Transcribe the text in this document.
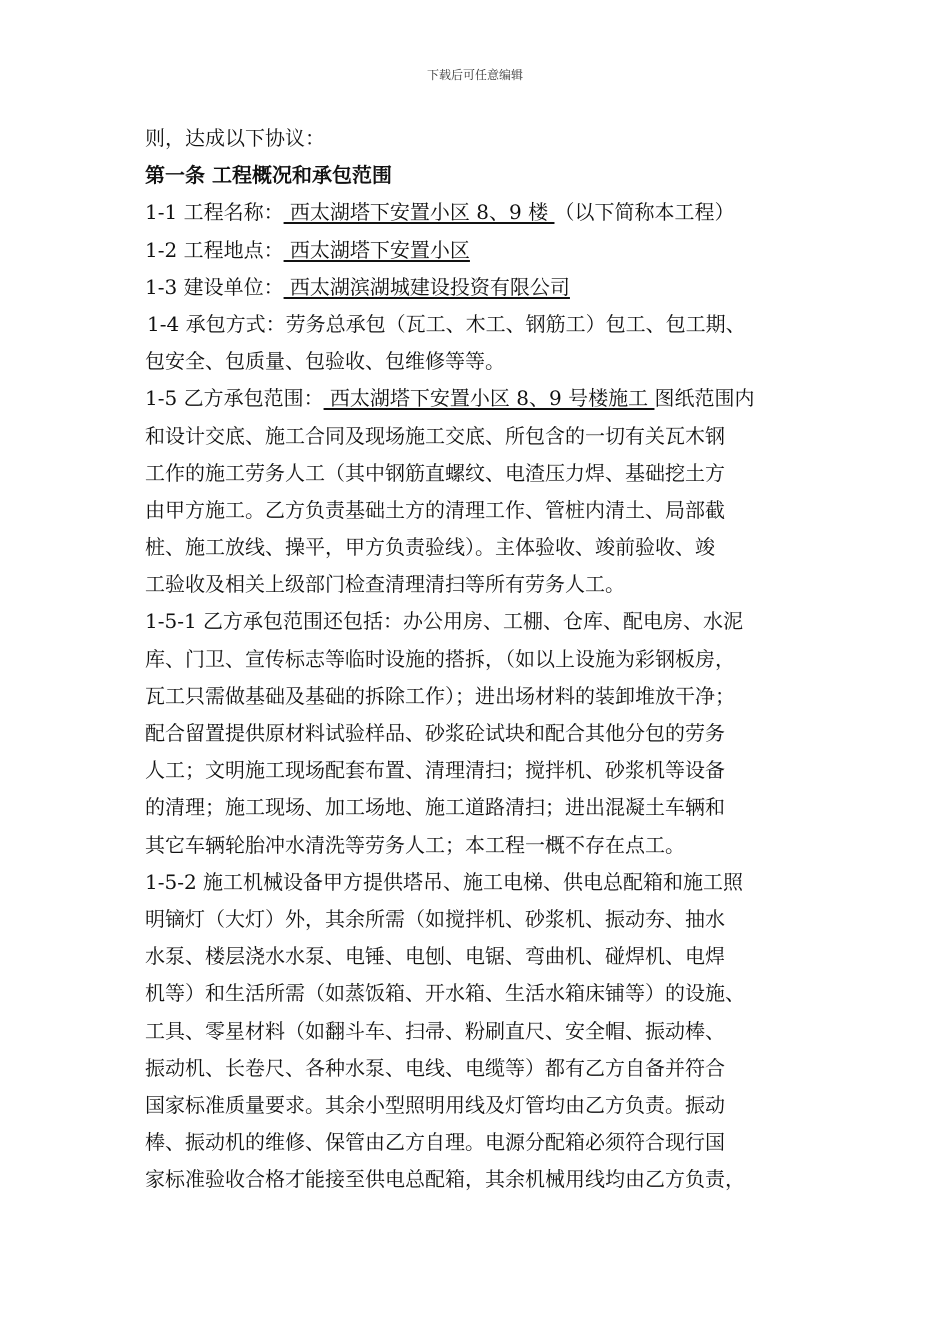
下载后可任意编辑
则，达成以下协议：
第一条 工程概况和承包范围
1-1 工程名称： 西太湖塔下安置小区 8、9 楼 （以下简称本工程）
1-2 工程地点： 西太湖塔下安置小区
1-3 建设单位： 西太湖滨湖城建设投资有限公司
1-4 承包方式：劳务总承包（瓦工、木工、钢筋工）包工、包工期、
包安全、包质量、包验收、包维修等等。
1-5 乙方承包范围： 西太湖塔下安置小区 8、9 号楼施工 图纸范围内
和设计交底、施工合同及现场施工交底、所包含的一切有关瓦木钢
工作的施工劳务人工（其中钢筋直螺纹、电渣压力焊、基础挖土方
由甲方施工。乙方负责基础土方的清理工作、管桩内清土、局部截
桩、施工放线、操平，甲方负责验线）。主体验收、竣前验收、竣
工验收及相关上级部门检查清理清扫等所有劳务人工。
1-5-1 乙方承包范围还包括：办公用房、工棚、仓库、配电房、水泥
库、门卫、宣传标志等临时设施的搭拆，（如以上设施为彩钢板房，
瓦工只需做基础及基础的拆除工作）；进出场材料的装卸堆放干净；
配合留置提供原材料试验样品、砂浆砼试块和配合其他分包的劳务
人工；文明施工现场配套布置、清理清扫；搅拌机、砂浆机等设备
的清理；施工现场、加工场地、施工道路清扫；进出混凝土车辆和
其它车辆轮胎冲水清洗等劳务人工；本工程一概不存在点工。
1-5-2 施工机械设备甲方提供塔吊、施工电梯、供电总配箱和施工照
明镝灯（大灯）外，其余所需（如搅拌机、砂浆机、振动夯、抽水
水泵、楼层浇水水泵、电锤、电刨、电锯、弯曲机、碰焊机、电焊
机等）和生活所需（如蒸饭箱、开水箱、生活水箱床铺等）的设施、
工具、零星材料（如翻斗车、扫帚、粉刷直尺、安全帽、振动棒、
振动机、长卷尺、各种水泵、电线、电缆等）都有乙方自备并符合
国家标准质量要求。其余小型照明用线及灯管均由乙方负责。振动
棒、振动机的维修、保管由乙方自理。电源分配箱必须符合现行国
家标准验收合格才能接至供电总配箱，其余机械用线均由乙方负责，
